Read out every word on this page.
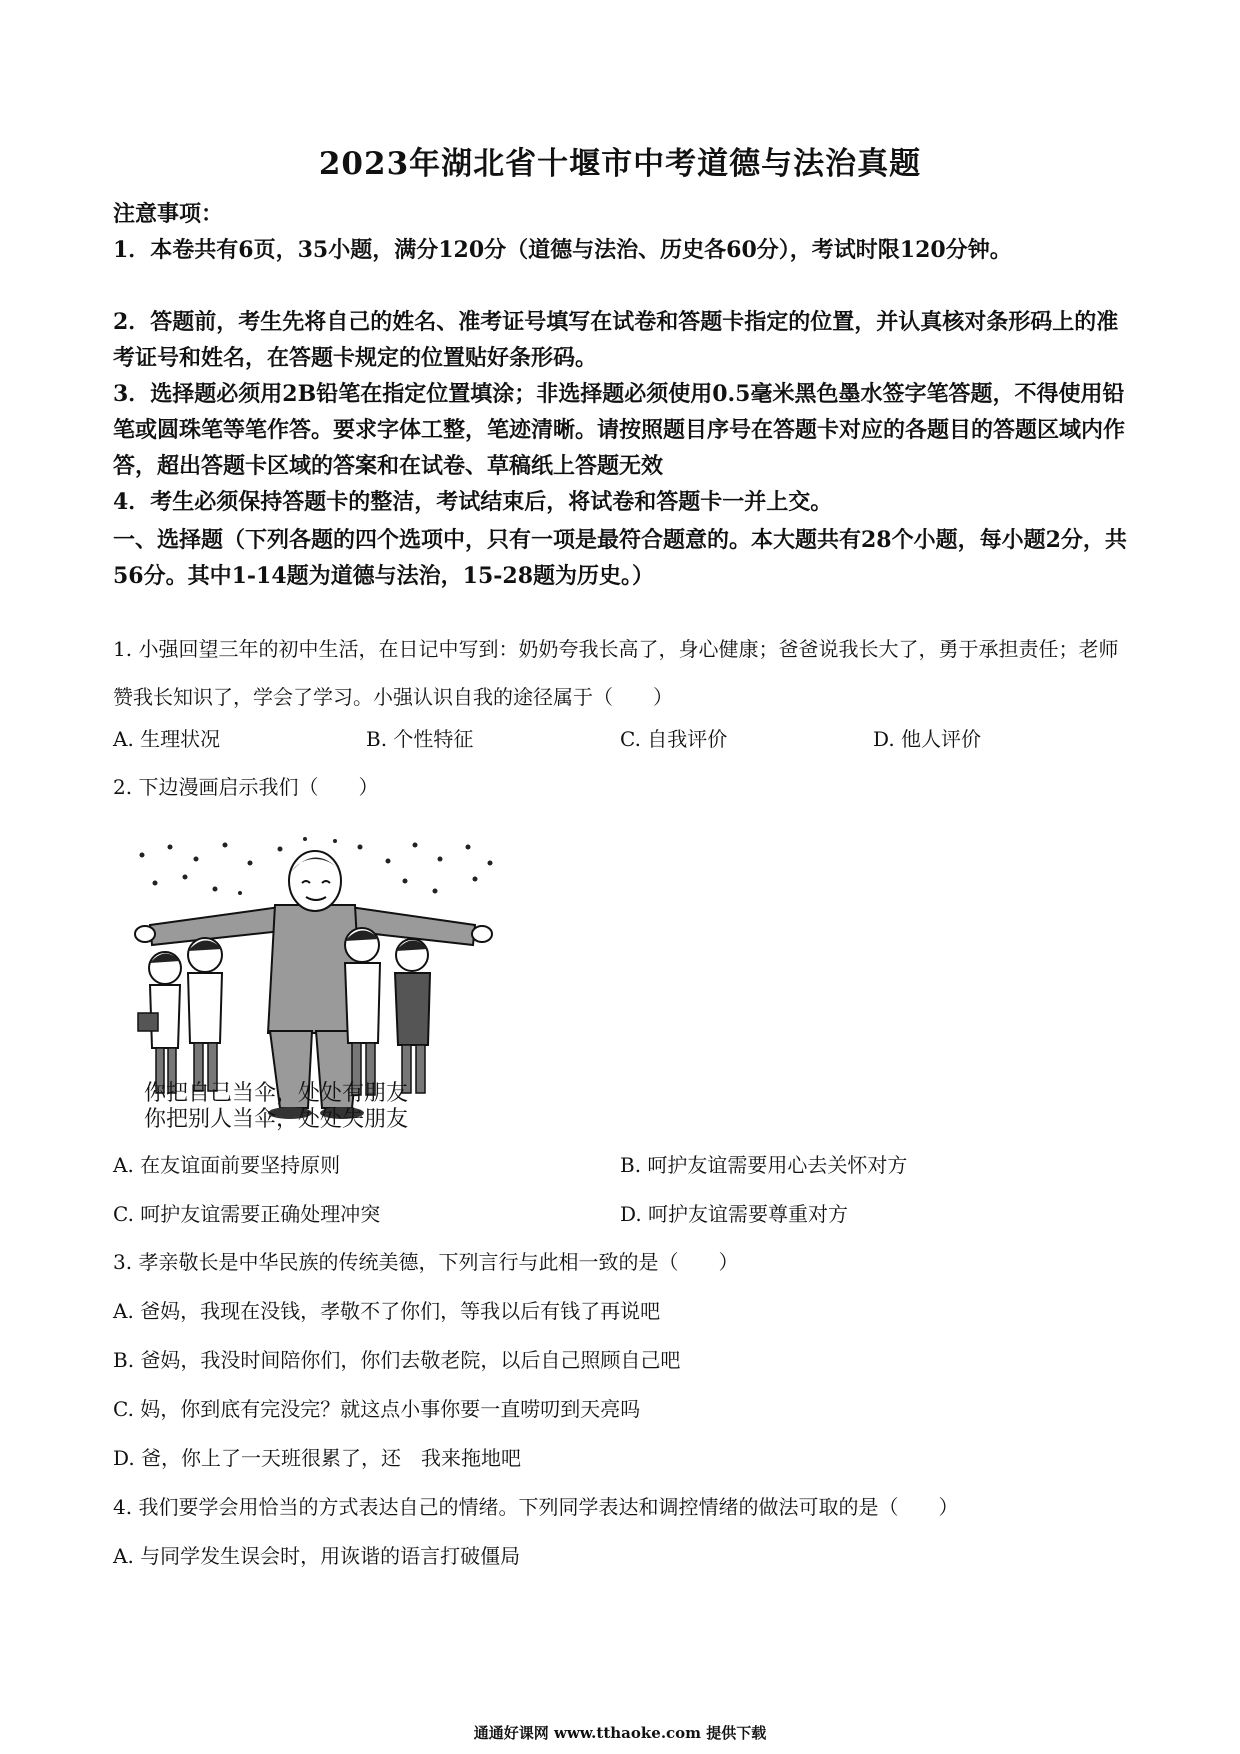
2023年湖北省十堰市中考道德与法治真题
注意事项：
1．本卷共有6页，35小题，满分120分（道德与法治、历史各60分），考试时限120分钟。
2．答题前，考生先将自己的姓名、准考证号填写在试卷和答题卡指定的位置，并认真核对条形码上的准考证号和姓名，在答题卡规定的位置贴好条形码。
3．选择题必须用2B铅笔在指定位置填涂；非选择题必须使用0.5毫米黑色墨水签字笔答题，不得使用铅笔或圆珠笔等笔作答。要求字体工整，笔迹清晰。请按照题目序号在答题卡对应的各题目的答题区域内作答，超出答题卡区域的答案和在试卷、草稿纸上答题无效
4．考生必须保持答题卡的整洁，考试结束后，将试卷和答题卡一并上交。
一、选择题（下列各题的四个选项中，只有一项是最符合题意的。本大题共有28个小题，每小题2分，共56分。其中1-14题为道德与法治，15-28题为历史。）
1. 小强回望三年的初中生活，在日记中写到：奶奶夸我长高了，身心健康；爸爸说我长大了，勇于承担责任；老师赞我长知识了，学会了学习。小强认识自我的途径属于（　　）
A. 生理状况	B. 个性特征	C. 自我评价	D. 他人评价
2. 下边漫画启示我们（　　）
你把自己当伞，处处有朋友
你把别人当伞，处处失朋友
A. 在友谊面前要坚持原则	B. 呵护友谊需要用心去关怀对方
C. 呵护友谊需要正确处理冲突	D. 呵护友谊需要尊重对方
3. 孝亲敬长是中华民族的传统美德，下列言行与此相一致的是（　　）
A. 爸妈，我现在没钱，孝敬不了你们，等我以后有钱了再说吧
B. 爸妈，我没时间陪你们，你们去敬老院，以后自己照顾自己吧
C. 妈，你到底有完没完？就这点小事你要一直唠叨到天亮吗
D. 爸，你上了一天班很累了，还　我来拖地吧
4. 我们要学会用恰当的方式表达自己的情绪。下列同学表达和调控情绪的做法可取的是（　　）
A. 与同学发生误会时，用诙谐的语言打破僵局
通通好课网 www.tthaoke.com 提供下载
